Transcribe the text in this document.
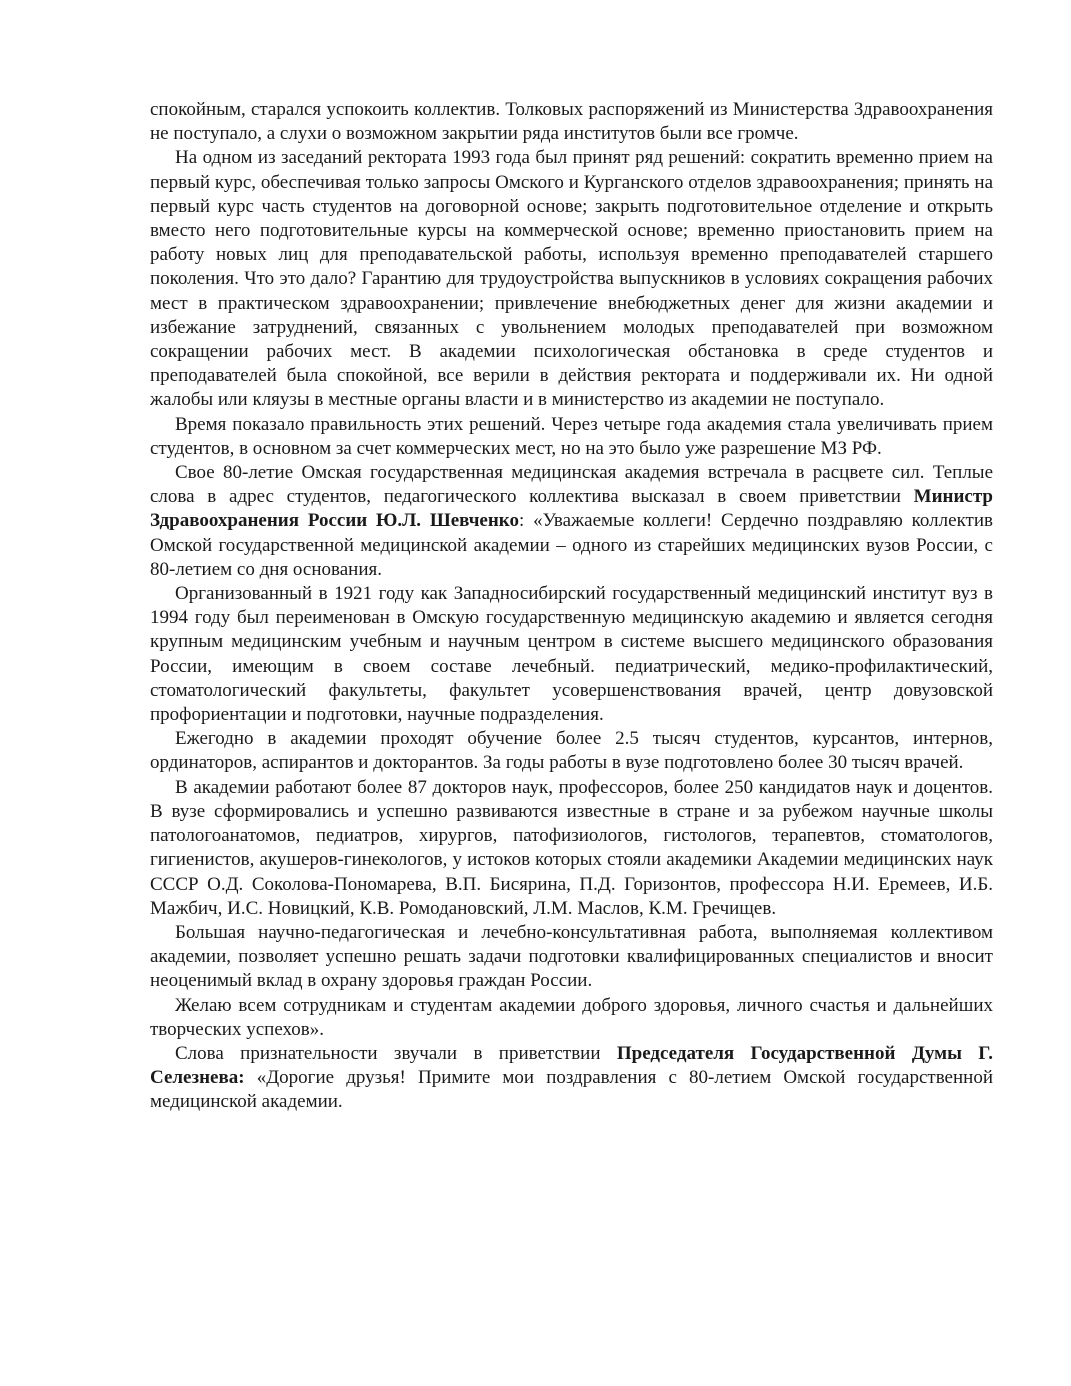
спокойным, старался успокоить коллектив. Толковых распоряжений из Министерства Здравоохранения не поступало, а слухи о возможном закрытии ряда институтов были все громче.

На одном из заседаний ректората 1993 года был принят ряд решений: сократить временно прием на первый курс, обеспечивая только запросы Омского и Курганского отделов здравоохранения; принять на первый курс часть студентов на договорной основе; закрыть подготовительное отделение и открыть вместо него подготовительные курсы на коммерческой основе; временно приостановить прием на работу новых лиц для преподавательской работы, используя временно преподавателей старшего поколения. Что это дало? Гарантию для трудоустройства выпускников в условиях сокращения рабочих мест в практическом здравоохранении; привлечение внебюджетных денег для жизни академии и избежание затруднений, связанных с увольнением молодых преподавателей при возможном сокращении рабочих мест. В академии психологическая обстановка в среде студентов и преподавателей была спокойной, все верили в действия ректората и поддерживали их. Ни одной жалобы или кляузы в местные органы власти и в министерство из академии не поступало.

Время показало правильность этих решений. Через четыре года академия стала увеличивать прием студентов, в основном за счет коммерческих мест, но на это было уже разрешение МЗ РФ.

Свое 80-летие Омская государственная медицинская академия встречала в расцвете сил. Теплые слова в адрес студентов, педагогического коллектива высказал в своем приветствии Министр Здравоохранения России Ю.Л. Шевченко: «Уважаемые коллеги! Сердечно поздравляю коллектив Омской государственной медицинской академии – одного из старейших медицинских вузов России, с 80-летием со дня основания.

Организованный в 1921 году как Западносибирский государственный медицинский институт вуз в 1994 году был переименован в Омскую государственную медицинскую академию и является сегодня крупным медицинским учебным и научным центром в системе высшего медицинского образования России, имеющим в своем составе лечебный. педиатрический, медико-профилактический, стоматологический факультеты, факультет усовершенствования врачей, центр довузовской профориентации и подготовки, научные подразделения.

Ежегодно в академии проходят обучение более 2.5 тысяч студентов, курсантов, интернов, ординаторов, аспирантов и докторантов. За годы работы в вузе подготовлено более 30 тысяч врачей.

В академии работают более 87 докторов наук, профессоров, более 250 кандидатов наук и доцентов. В вузе сформировались и успешно развиваются известные в стране и за рубежом научные школы патологоанатомов, педиатров, хирургов, патофизиологов, гистологов, терапевтов, стоматологов, гигиенистов, акушеров-гинекологов, у истоков которых стояли академики Академии медицинских наук СССР О.Д. Соколова-Пономарева, В.П. Бисярина, П.Д. Горизонтов, профессора Н.И. Еремеев, И.Б. Мажбич, И.С. Новицкий, К.В. Ромодановский, Л.М. Маслов, К.М. Гречищев.

Большая научно-педагогическая и лечебно-консультативная работа, выполняемая коллективом академии, позволяет успешно решать задачи подготовки квалифицированных специалистов и вносит неоценимый вклад в охрану здоровья граждан России.

Желаю всем сотрудникам и студентам академии доброго здоровья, личного счастья и дальнейших творческих успехов».

Слова признательности звучали в приветствии Председателя Государственной Думы Г. Селезнева: «Дорогие друзья! Примите мои поздравления с 80-летием Омской государственной медицинской академии.
